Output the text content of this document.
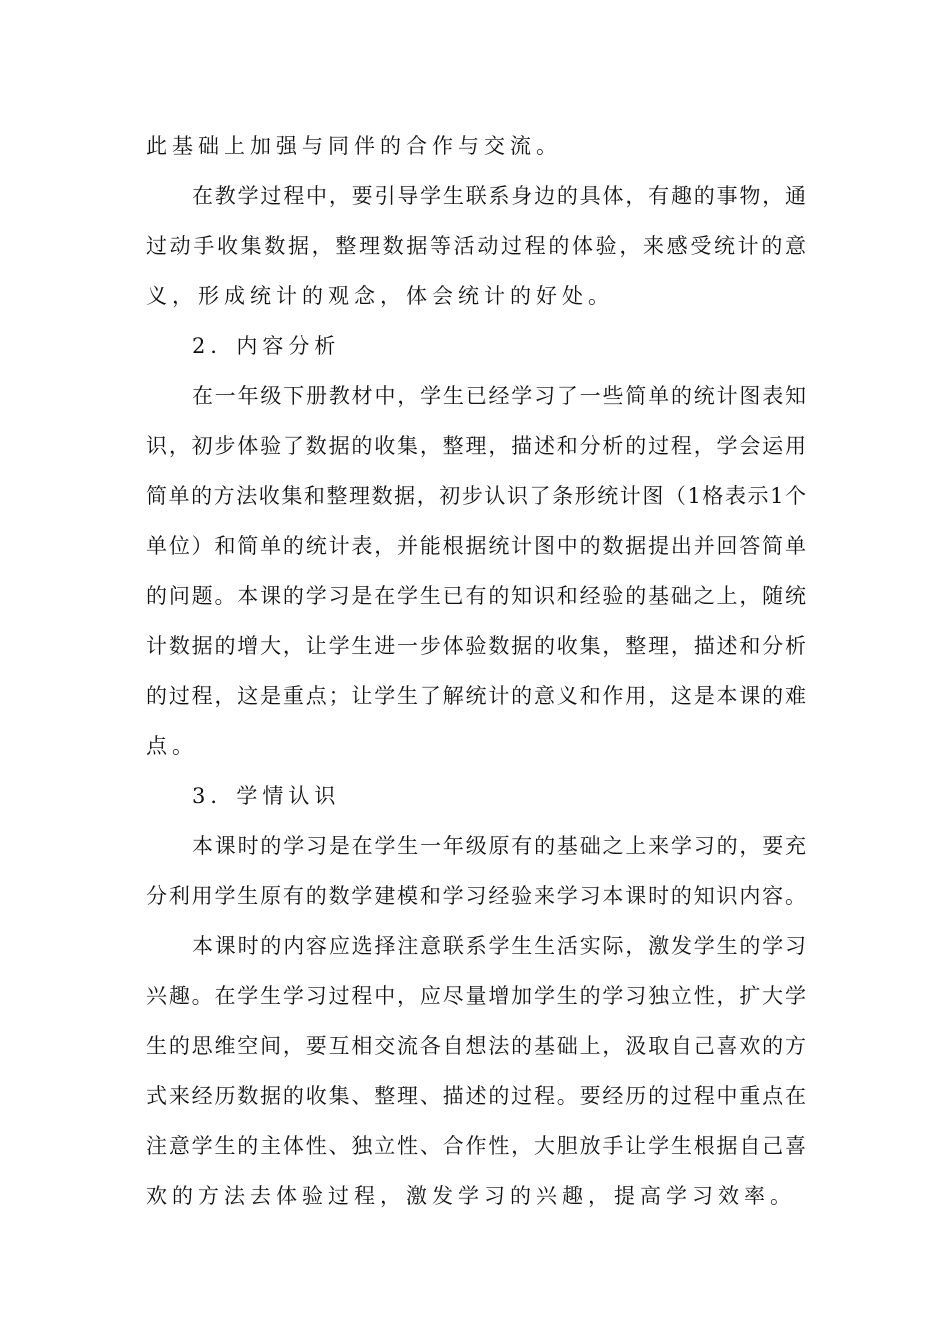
此基础上加强与同伴的合作与交流。
在教学过程中，要引导学生联系身边的具体，有趣的事物，通
过动手收集数据，整理数据等活动过程的体验，来感受统计的意
义，形成统计的观念，体会统计的好处。
2．内容分析
在一年级下册教材中，学生已经学习了一些简单的统计图表知
识，初步体验了数据的收集，整理，描述和分析的过程，学会运用
简单的方法收集和整理数据，初步认识了条形统计图（1格表示1个
单位）和简单的统计表，并能根据统计图中的数据提出并回答简单
的问题。本课的学习是在学生已有的知识和经验的基础之上，随统
计数据的增大，让学生进一步体验数据的收集，整理，描述和分析
的过程，这是重点；让学生了解统计的意义和作用，这是本课的难
点。
3．学情认识
本课时的学习是在学生一年级原有的基础之上来学习的，要充
分利用学生原有的数学建模和学习经验来学习本课时的知识内容。
本课时的内容应选择注意联系学生生活实际，激发学生的学习
兴趣。在学生学习过程中，应尽量增加学生的学习独立性，扩大学
生的思维空间，要互相交流各自想法的基础上，汲取自己喜欢的方
式来经历数据的收集、整理、描述的过程。要经历的过程中重点在
注意学生的主体性、独立性、合作性，大胆放手让学生根据自己喜
欢的方法去体验过程，激发学习的兴趣，提高学习效率。
